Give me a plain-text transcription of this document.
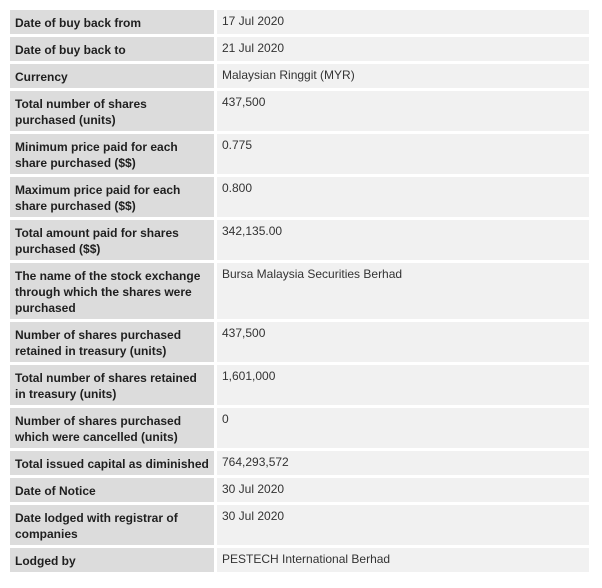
Date of buy back from	17 Jul 2020
Date of buy back to	21 Jul 2020
Currency	Malaysian Ringgit (MYR)
Total number of shares purchased (units)	437,500
Minimum price paid for each share purchased ($$)	0.775
Maximum price paid for each share purchased ($$)	0.800
Total amount paid for shares purchased ($$)	342,135.00
The name of the stock exchange through which the shares were purchased	Bursa Malaysia Securities Berhad
Number of shares purchased retained in treasury (units)	437,500
Total number of shares retained in treasury (units)	1,601,000
Number of shares purchased which were cancelled (units)	0
Total issued capital as diminished	764,293,572
Date of Notice	30 Jul 2020
Date lodged with registrar of companies	30 Jul 2020
Lodged by	PESTECH International Berhad
